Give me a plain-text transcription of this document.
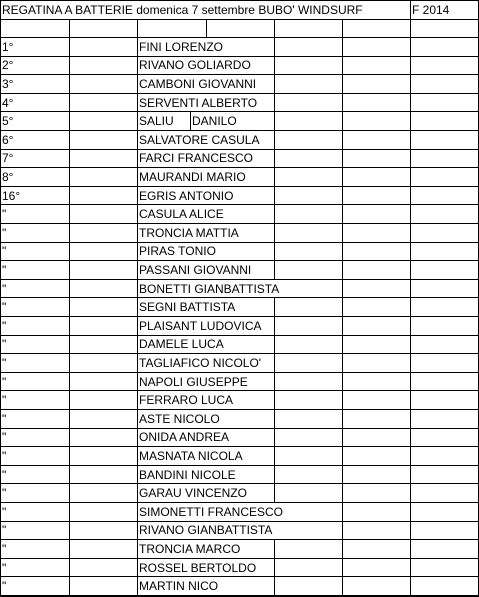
REGATINA A BATTERIE domenica 7 settembre BUBO' WINDSURF	F 2014
1°	FINI LORENZO
2°	RIVANO GOLIARDO
3°	CAMBONI GIOVANNI
4°	SERVENTI ALBERTO
5°	SALIU	DANILO
6°	SALVATORE CASULA
7°	FARCI FRANCESCO
8°	MAURANDI MARIO
16°	EGRIS ANTONIO
"	CASULA ALICE
"	TRONCIA MATTIA
"	PIRAS TONIO
"	PASSANI GIOVANNI
"	BONETTI GIANBATTISTA
"	SEGNI BATTISTA
"	PLAISANT LUDOVICA
"	DAMELE LUCA
"	TAGLIAFICO NICOLO'
"	NAPOLI GIUSEPPE
"	FERRARO LUCA
"	ASTE NICOLO
"	ONIDA ANDREA
"	MASNATA NICOLA
"	BANDINI NICOLE
"	GARAU VINCENZO
"	SIMONETTI FRANCESCO
"	RIVANO GIANBATTISTA
"	TRONCIA MARCO
"	ROSSEL BERTOLDO
"	MARTIN NICO
